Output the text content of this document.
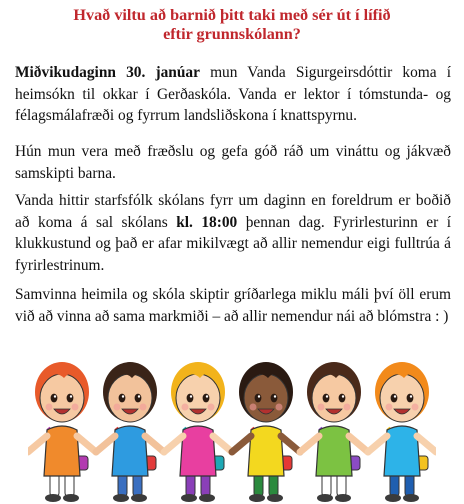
Hvað viltu að barnið þitt taki með sér út í lífið
eftir grunnskólann?

Miðvikudaginn 30. janúar mun Vanda Sigurgeirsdóttir koma í heimsókn til okkar í Gerðaskóla. Vanda er lektor í tómstunda- og félagsmálafræði og fyrrum landsliðskona í knattspyrnu.

Hún mun vera með fræðslu og gefa góð ráð um vináttu og jákvæð samskipti barna.

Vanda hittir starfsfólk skólans fyrr um daginn en foreldrum er boðið að koma á sal skólans kl. 18:00 þennan dag. Fyrirlesturinn er í klukkustund og það er afar mikilvægt að allir nemendur eigi fulltrúa á fyrirlestrinum.

Samvinna heimila og skóla skiptir gríðarlega miklu máli því öll erum við að vinna að sama markmiði – að allir nemendur nái að blómstra : )
